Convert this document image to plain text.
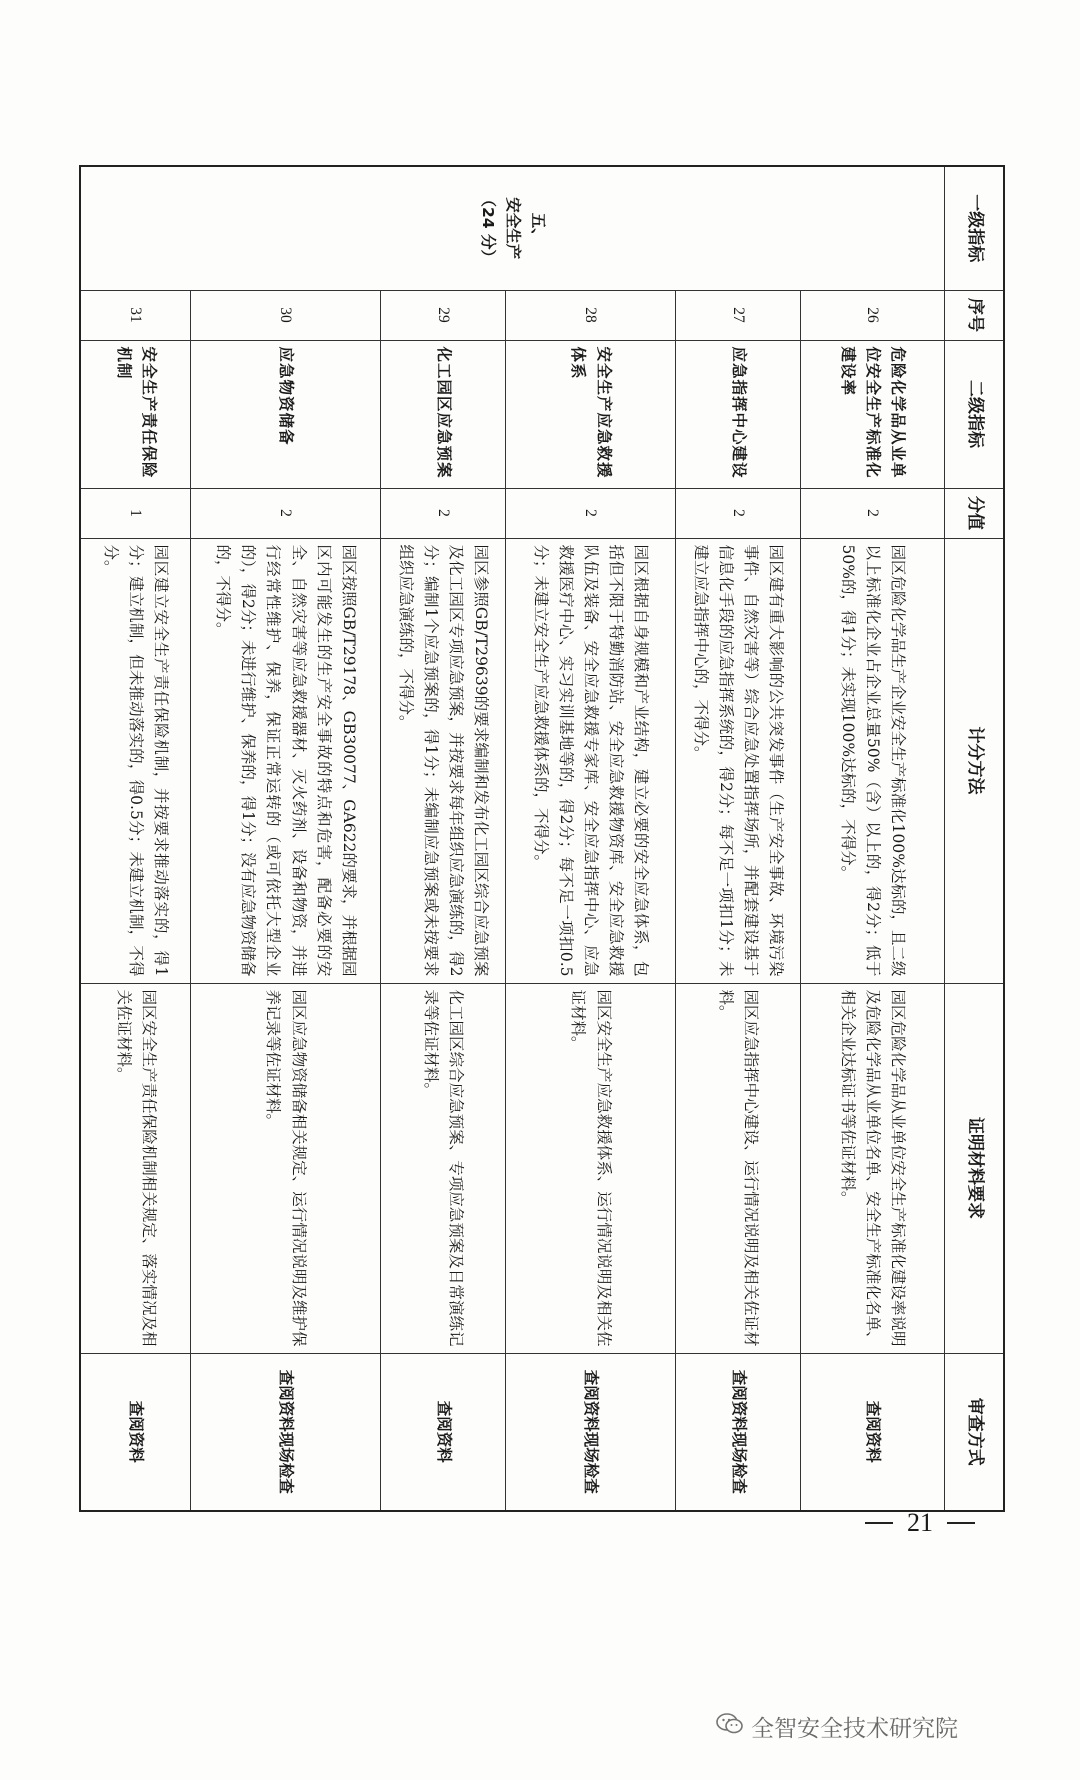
一级指标	序号	二级指标	分值	计分方法	证明材料要求	审查方式

五、
安全生产
（24 分）	26	危险化学品从业单位安全生产标准化建设率	2	园区危险化学品生产企业安全生产标准化100%达标的，且二级以上标准化企业占企业总量50%（含）以上的，得2分；低于50%的，得1分；未实现100%达标的，不得分。	园区危险化学品从业单位安全生产标准化建设率说明及危险化学品从业单位名单、安全生产标准化名单、相关企业达标证书等佐证材料。	查阅资料
	27	应急指挥中心建设	2	园区建有重大影响的公共突发事件（生产安全事故、环境污染事件、自然灾害等）综合应急处置指挥场所，并配套建设基于信息化手段的应急指挥系统的，得2分；每不足一项扣1分；未建立应急指挥中心的，不得分。	园区应急指挥中心建设、运行情况说明及相关佐证材料。	查阅资料现场检查
	28	安全生产应急救援体系	2	园区根据自身规模和产业结构，建立必要的安全应急体系，包括但不限于特勤消防站、安全应急救援物资库、安全应急救援队伍及装备、安全应急救援专家库、安全应急指挥中心、应急救援医疗中心、实习实训基地等的，得2分；每不足一项扣0.5分；未建立安全生产应急救援体系的，不得分。	园区安全生产应急救援体系、运行情况说明及相关佐证材料。	查阅资料现场检查
	29	化工园区应急预案	2	园区参照GB/T29639的要求编制和发布化工园区综合应急预案及化工园区专项应急预案，并按要求每年组织应急演练的，得2分；编制1个应急预案的，得1分；未编制应急预案或未按要求组织应急演练的，不得分。	化工园区综合应急预案、专项应急预案及日常演练记录等佐证材料。	查阅资料
	30	应急物资储备	2	园区按照GB/T29178、GB30077、GA622的要求，并根据园区内可能发生的生产安全事故的特点和危害，配备必要的安全、自然灾害等应急救援器材、灭火药剂、设备和物资，并进行经常性维护、保养，保证正常运转的（或可依托大型企业的），得2分；未进行维护、保养的，得1分；没有应急物资储备的，不得分。	园区应急物资储备相关规定、运行情况说明及维护保养记录等佐证材料。	查阅资料现场检查
	31	安全生产责任保险机制	1	园区建立安全生产责任保险机制，并按要求推动落实的，得1分；建立机制，但未推动落实的，得0.5分；未建立机制，不得分。	园区安全生产责任保险机制相关规定、落实情况及相关佐证材料。	查阅资料
21
全智安全技术研究院
